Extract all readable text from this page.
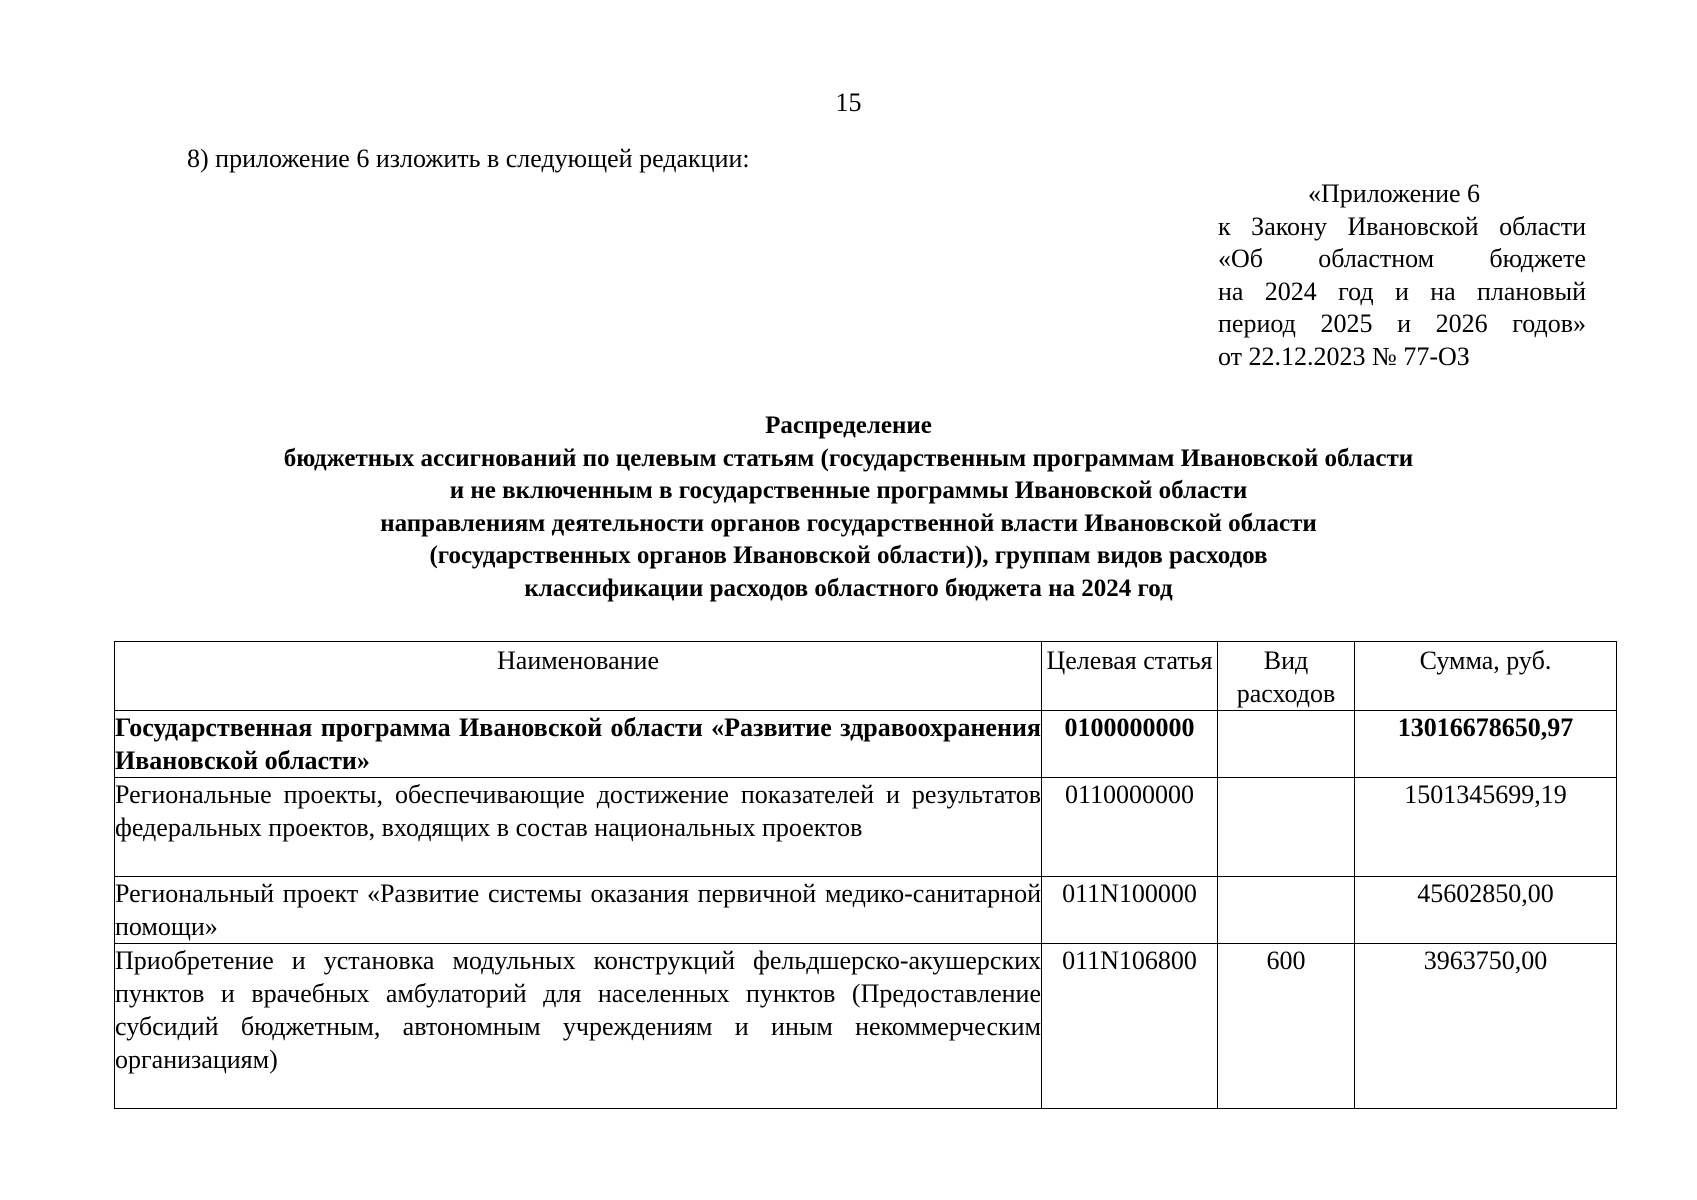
15
8) приложение 6 изложить в следующей редакции:
«Приложение 6
к Закону Ивановской области
«Об областном бюджете
на 2024 год и на плановый
период 2025 и 2026 годов»
от 22.12.2023 № 77-ОЗ
Распределение
бюджетных ассигнований по целевым статьям (государственным программам Ивановской области
и не включенным в государственные программы Ивановской области
направлениям деятельности органов государственной власти Ивановской области
(государственных органов Ивановской области)), группам видов расходов
классификации расходов областного бюджета на 2024 год
Наименование	Целевая статья	Вид расходов	Сумма, руб.
Государственная программа Ивановской области «Развитие здравоохранения Ивановской области»	0100000000		13016678650,97
Региональные проекты, обеспечивающие достижение показателей и результатов федеральных проектов, входящих в состав национальных проектов	0110000000		1501345699,19
Региональный проект «Развитие системы оказания первичной медико-санитарной помощи»	011N100000		45602850,00
Приобретение и установка модульных конструкций фельдшерско-акушерских пунктов и врачебных амбулаторий для населенных пунктов (Предоставление субсидий бюджетным, автономным учреждениям и иным некоммерческим организациям)	011N106800	600	3963750,00
